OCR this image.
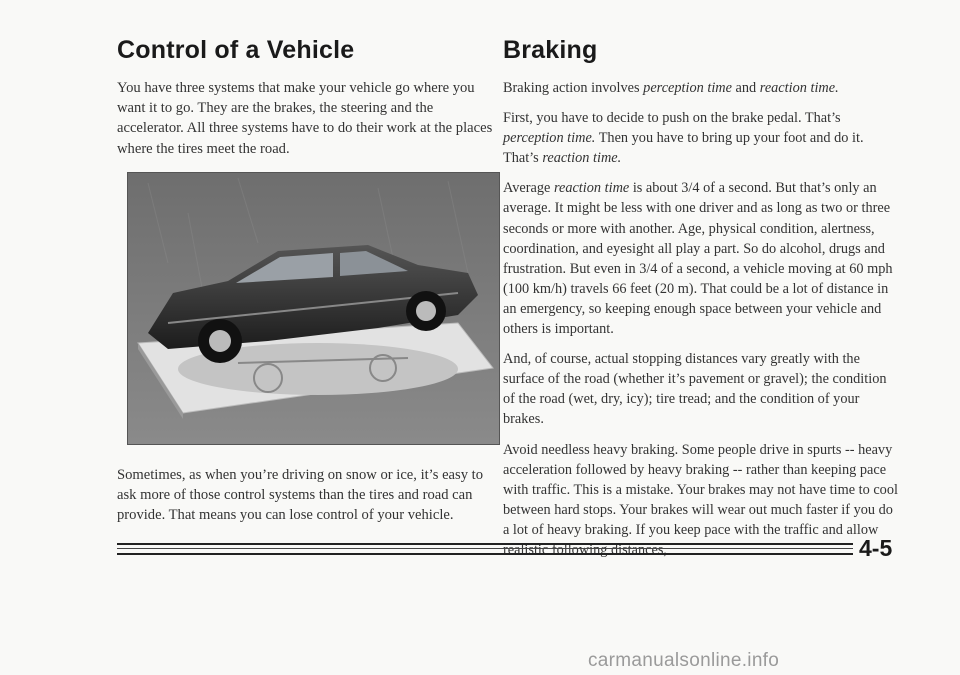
Control of a Vehicle

You have three systems that make your vehicle go where you want it to go. They are the brakes, the steering and the accelerator. All three systems have to do their work at the places where the tires meet the road.

Sometimes, as when you’re driving on snow or ice, it’s easy to ask more of those control systems than the tires and road can provide. That means you can lose control of your vehicle.

Braking

Braking action involves perception time and reaction time.

First, you have to decide to push on the brake pedal. That’s perception time. Then you have to bring up your foot and do it. That’s reaction time.

Average reaction time is about 3/4 of a second. But that’s only an average. It might be less with one driver and as long as two or three seconds or more with another. Age, physical condition, alertness, coordination, and eyesight all play a part. So do alcohol, drugs and frustration. But even in 3/4 of a second, a vehicle moving at 60 mph (100 km/h) travels 66 feet (20 m). That could be a lot of distance in an emergency, so keeping enough space between your vehicle and others is important.

And, of course, actual stopping distances vary greatly with the surface of the road (whether it’s pavement or gravel); the condition of the road (wet, dry, icy); tire tread; and the condition of your brakes.

Avoid needless heavy braking. Some people drive in spurts -- heavy acceleration followed by heavy braking -- rather than keeping pace with traffic. This is a mistake. Your brakes may not have time to cool between hard stops. Your brakes will wear out much faster if you do a lot of heavy braking. If you keep pace with the traffic and allow realistic following distances,	4-5
carmanualsonline.info
